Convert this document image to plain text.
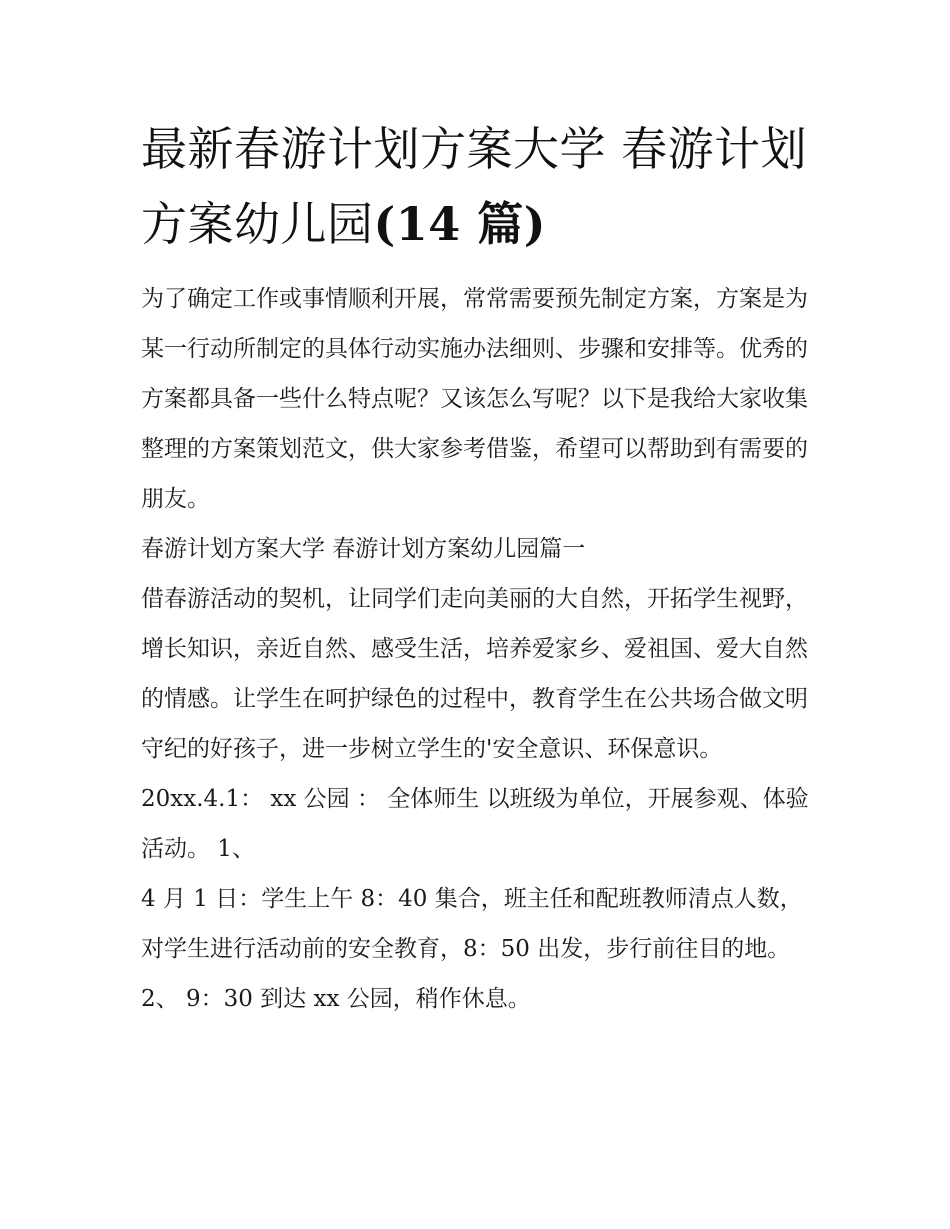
最新春游计划方案大学 春游计划方案幼儿园(14 篇)

为了确定工作或事情顺利开展，常常需要预先制定方案，方案是为某一行动所制定的具体行动实施办法细则、步骤和安排等。优秀的方案都具备一些什么特点呢？又该怎么写呢？以下是我给大家收集整理的方案策划范文，供大家参考借鉴，希望可以帮助到有需要的朋友。

春游计划方案大学 春游计划方案幼儿园篇一

借春游活动的契机，让同学们走向美丽的大自然，开拓学生视野，增长知识，亲近自然、感受生活，培养爱家乡、爱祖国、爱大自然的情感。让学生在呵护绿色的过程中，教育学生在公共场合做文明守纪的好孩子，进一步树立学生的'安全意识、环保意识。

20xx.4.1： xx 公园 ： 全体师生 以班级为单位，开展参观、体验活动。 1、

4 月 1 日：学生上午 8：40 集合，班主任和配班教师清点人数，对学生进行活动前的安全教育，8：50 出发，步行前往目的地。 2、 9：30 到达 xx 公园，稍作休息。
